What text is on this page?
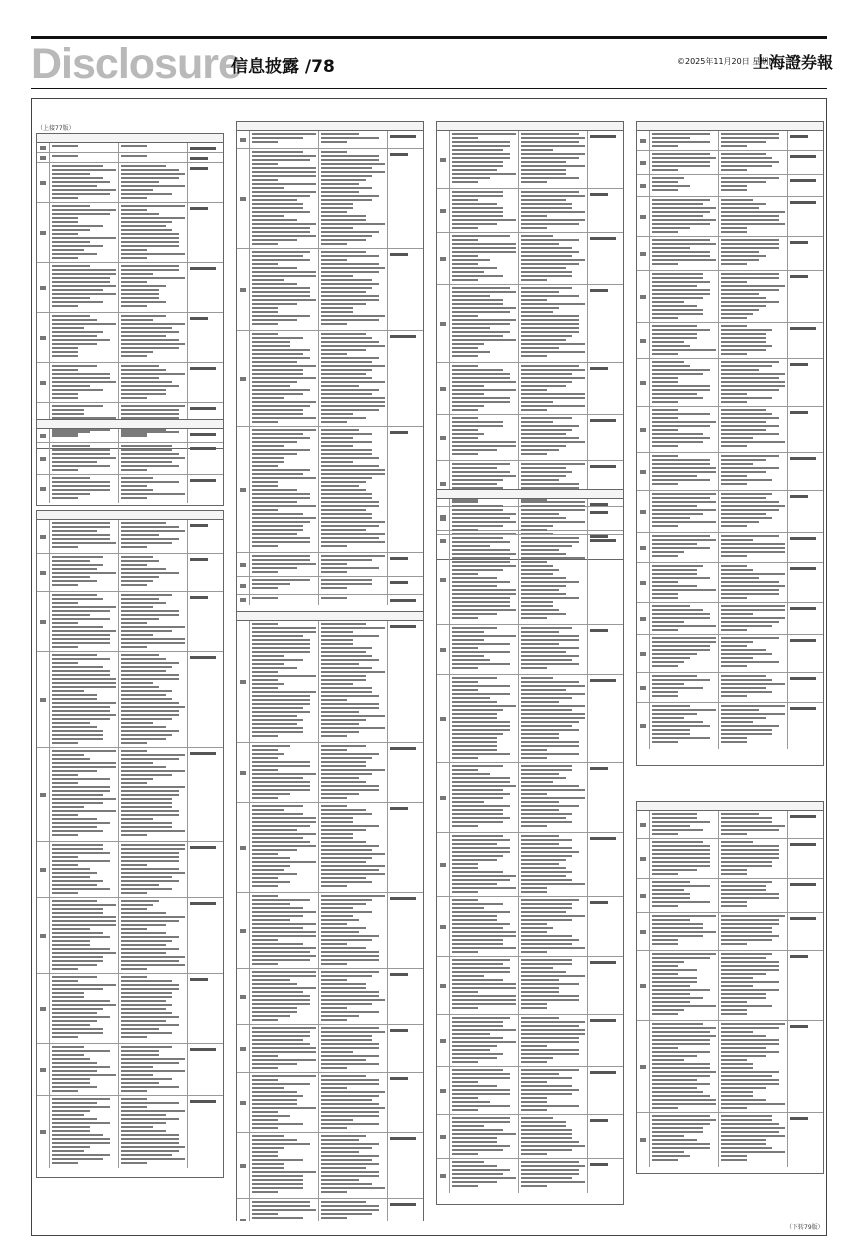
Disclosure
信息披露 /78	©2025年11月20日 星期四
上海證券報
（上接77版）
（下转79版）
